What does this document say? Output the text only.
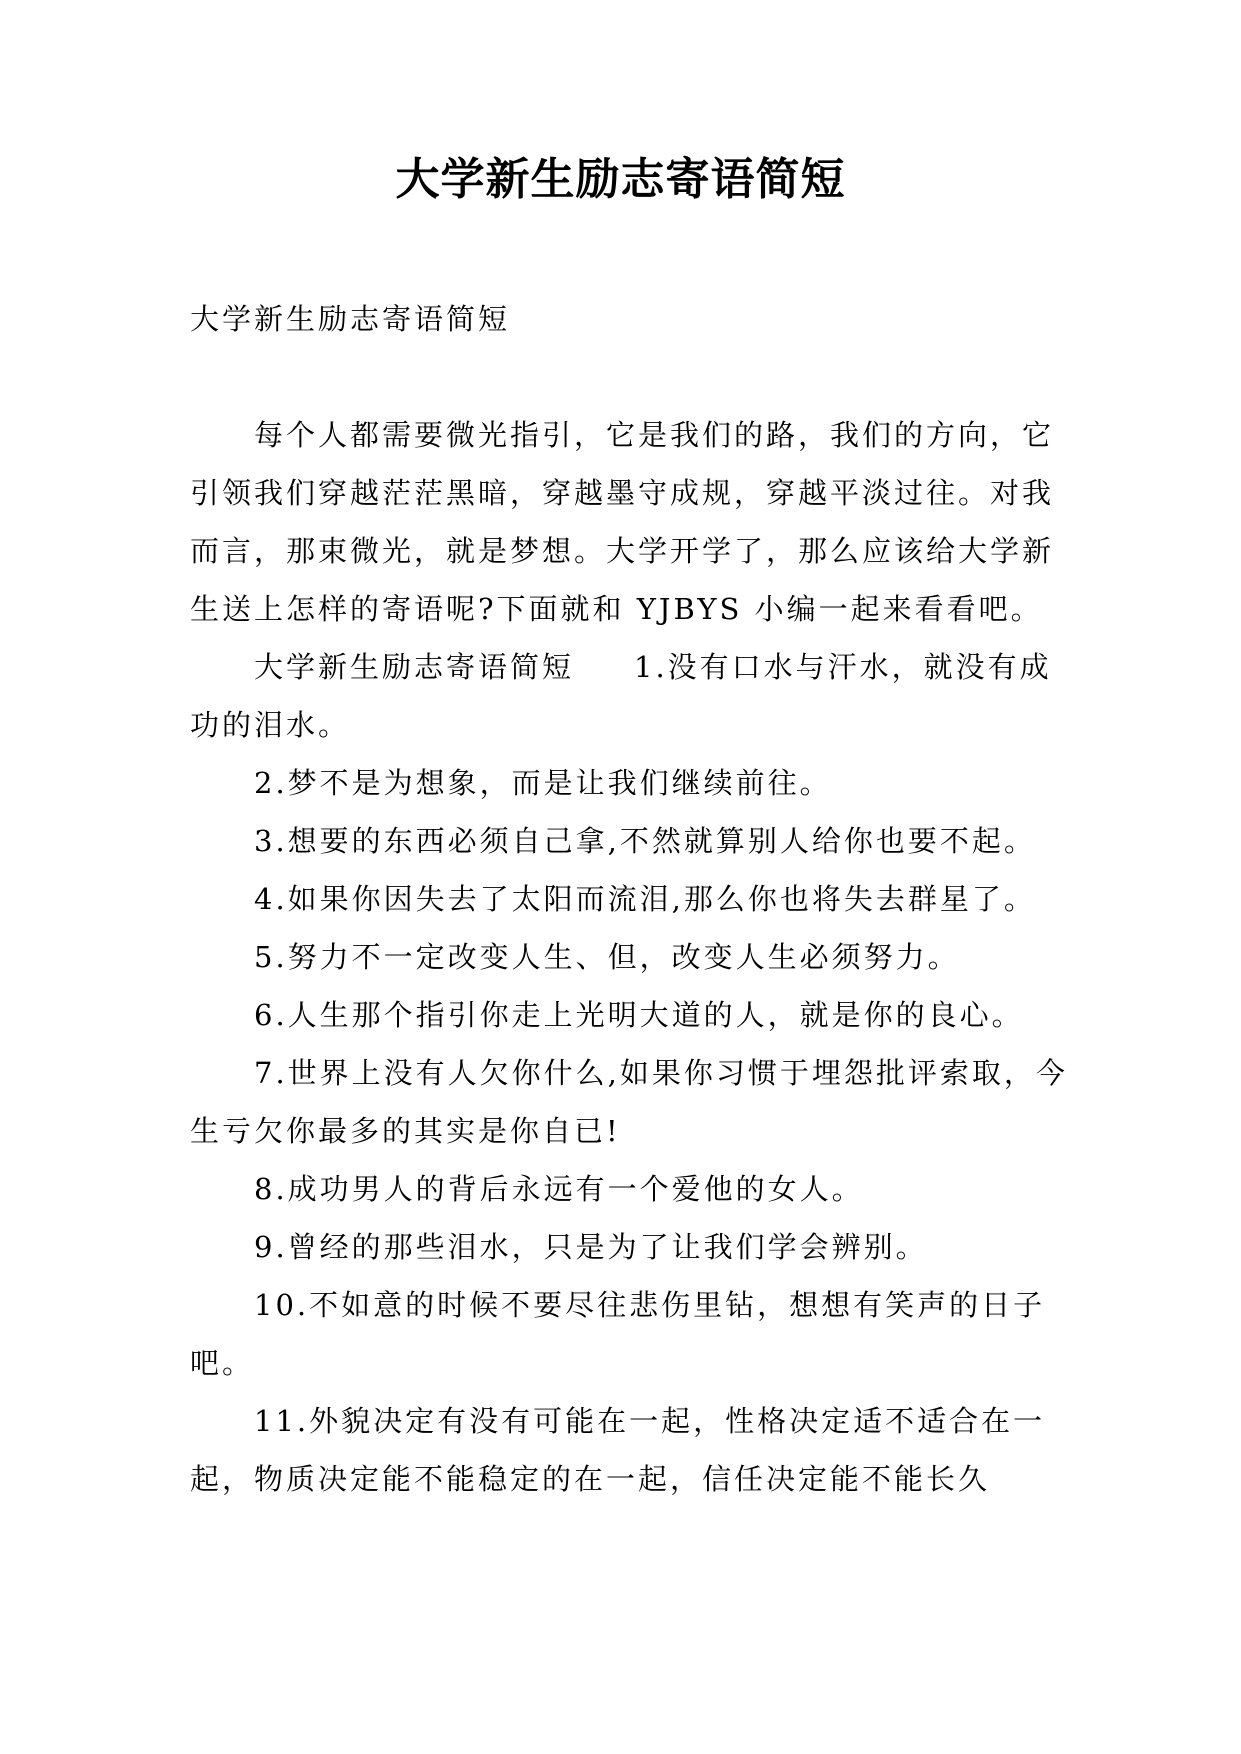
大学新生励志寄语简短

大学新生励志寄语简短

每个人都需要微光指引，它是我们的路，我们的方向，它引领我们穿越茫茫黑暗，穿越墨守成规，穿越平淡过往。对我而言，那束微光，就是梦想。大学开学了，那么应该给大学新生送上怎样的寄语呢?下面就和 YJBYS 小编一起来看看吧。

大学新生励志寄语简短 1.没有口水与汗水，就没有成功的泪水。

2.梦不是为想象，而是让我们继续前往。

3.想要的东西必须自己拿,不然就算别人给你也要不起。

4.如果你因失去了太阳而流泪,那么你也将失去群星了。

5.努力不一定改变人生、但，改变人生必须努力。

6.人生那个指引你走上光明大道的人，就是你的良心。

7.世界上没有人欠你什么,如果你习惯于埋怨批评索取，今生亏欠你最多的其实是你自已!

8.成功男人的背后永远有一个爱他的女人。

9.曾经的那些泪水，只是为了让我们学会辨别。

10.不如意的时候不要尽往悲伤里钻，想想有笑声的日子吧。

11.外貌决定有没有可能在一起，性格决定适不适合在一起，物质决定能不能稳定的在一起，信任决定能不能长久
